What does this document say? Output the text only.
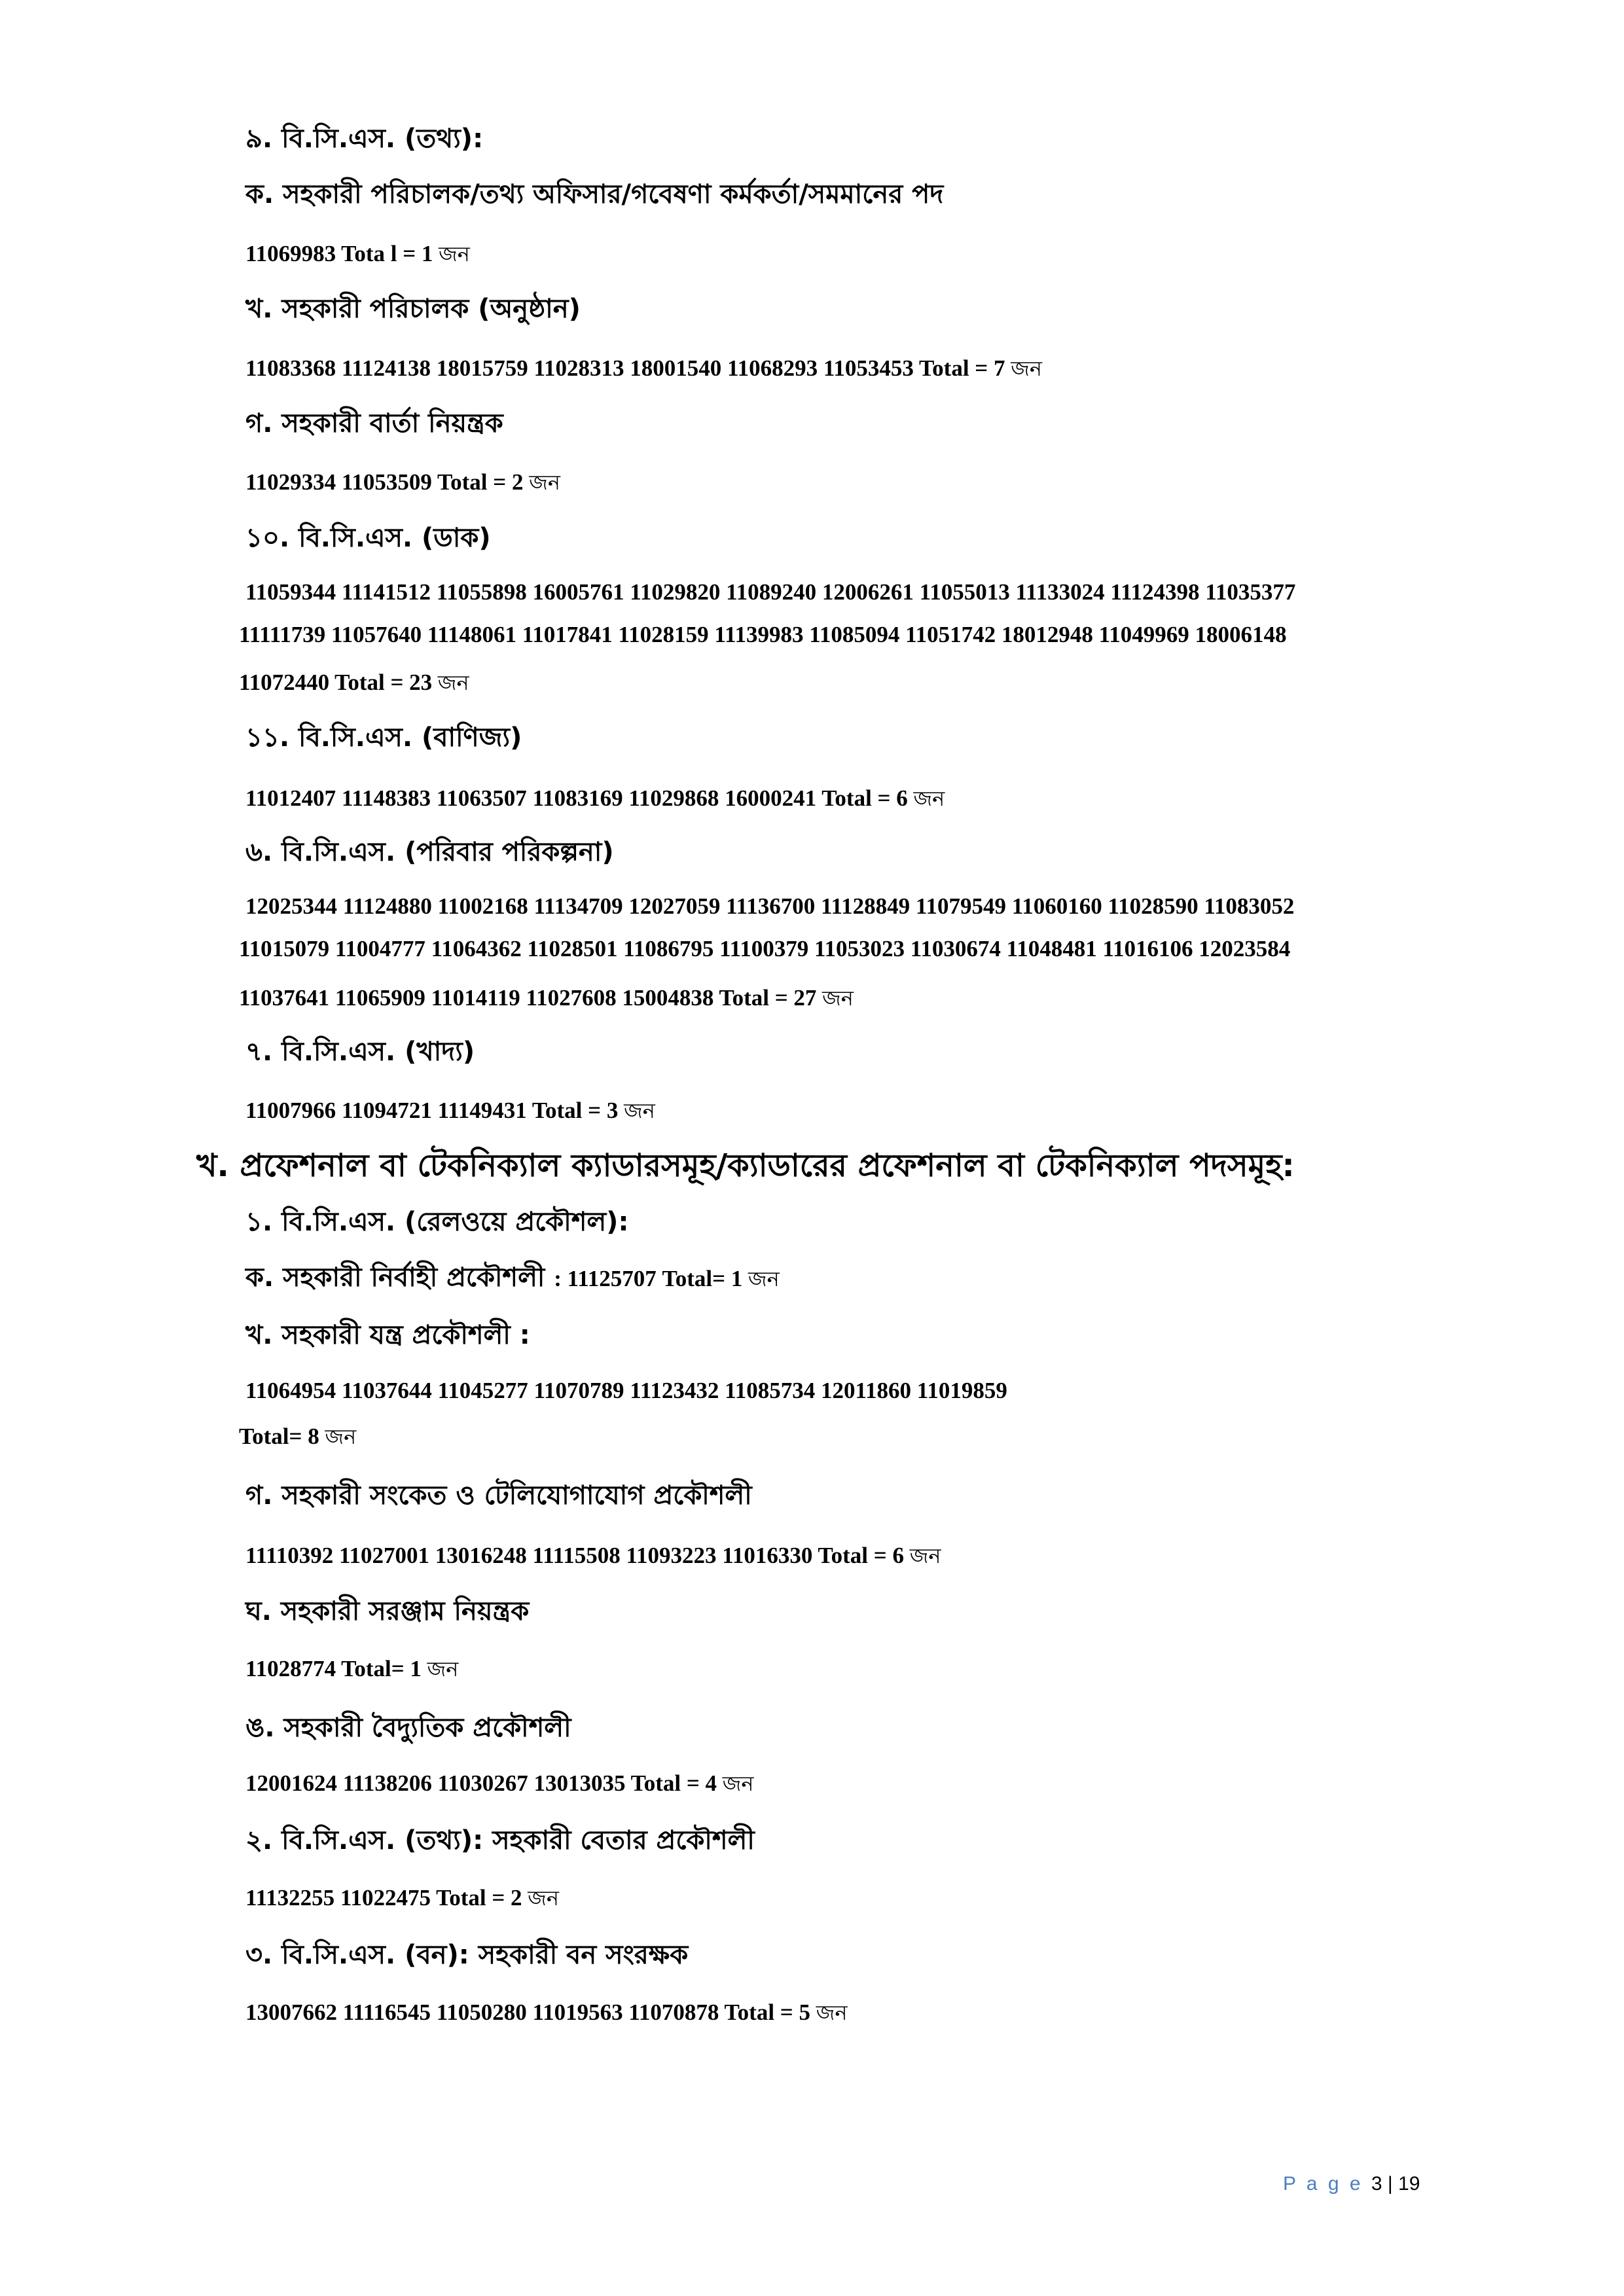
৯. বি.সি.এস. (তথ্য):
ক. সহকারী পরিচালক/তথ্য অফিসার/গবেষণা কর্মকর্তা/সমমানের পদ
11069983 Tota l = 1 জন
খ. সহকারী পরিচালক (অনুষ্ঠান)
11083368 11124138 18015759 11028313 18001540 11068293 11053453 Total = 7 জন
গ. সহকারী বার্তা নিয়ন্ত্রক
11029334 11053509 Total = 2 জন
১০. বি.সি.এস. (ডাক)
11059344 11141512 11055898 16005761 11029820 11089240 12006261 11055013 11133024 11124398 11035377
11111739 11057640 11148061 11017841 11028159 11139983 11085094 11051742 18012948 11049969 18006148
11072440 Total = 23 জন
১১. বি.সি.এস. (বাণিজ্য)
11012407 11148383 11063507 11083169 11029868 16000241 Total = 6 জন
৬. বি.সি.এস. (পরিবার পরিকল্পনা)
12025344 11124880 11002168 11134709 12027059 11136700 11128849 11079549 11060160 11028590 11083052
11015079 11004777 11064362 11028501 11086795 11100379 11053023 11030674 11048481 11016106 12023584
11037641 11065909 11014119 11027608 15004838 Total = 27 জন
৭. বি.সি.এস. (খাদ্য)
11007966 11094721 11149431 Total = 3 জন
খ. প্রফেশনাল বা টেকনিক্যাল ক্যাডারসমূহ/ক্যাডারের প্রফেশনাল বা টেকনিক্যাল পদসমূহ:
১. বি.সি.এস. (রেলওয়ে প্রকৌশল):
ক. সহকারী নির্বাহী প্রকৌশলী : 11125707 Total= 1 জন
খ. সহকারী যন্ত্র প্রকৌশলী :
11064954 11037644 11045277 11070789 11123432 11085734 12011860 11019859
Total= 8 জন
গ. সহকারী সংকেত ও টেলিযোগাযোগ প্রকৌশলী
11110392 11027001 13016248 11115508 11093223 11016330 Total = 6 জন
ঘ. সহকারী সরঞ্জাম নিয়ন্ত্রক
11028774 Total= 1 জন
ঙ. সহকারী বৈদ্যুতিক প্রকৌশলী
12001624 11138206 11030267 13013035 Total = 4 জন
২. বি.সি.এস. (তথ্য): সহকারী বেতার প্রকৌশলী
11132255 11022475 Total = 2 জন
৩. বি.সি.এস. (বন): সহকারী বন সংরক্ষক
13007662 11116545 11050280 11019563 11070878 Total = 5 জন
P a g e 3 | 19
